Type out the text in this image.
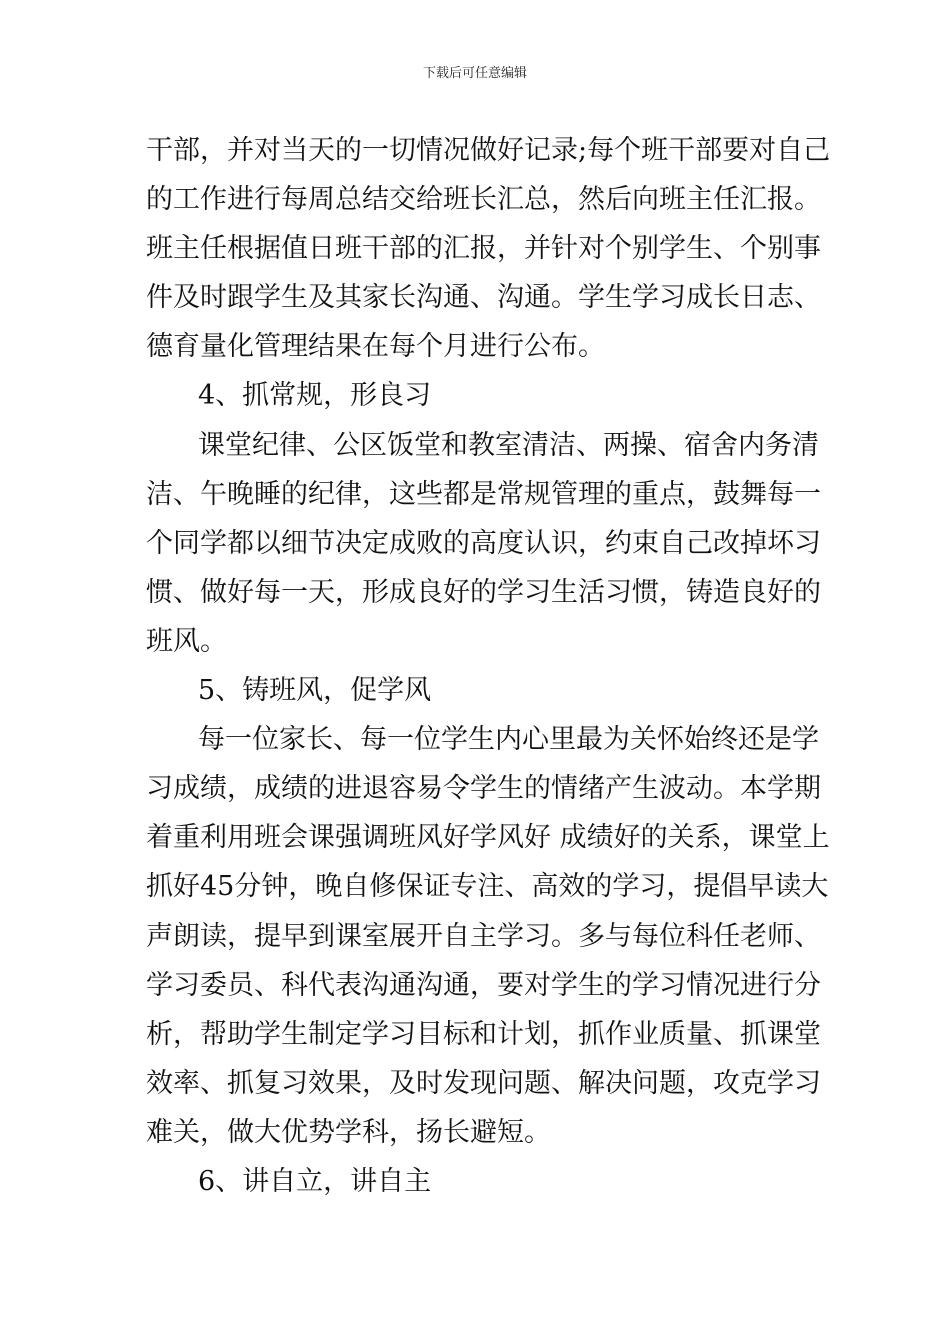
下载后可任意编辑
干部，并对当天的一切情况做好记录;每个班干部要对自己
的工作进行每周总结交给班长汇总，然后向班主任汇报。
班主任根据值日班干部的汇报，并针对个别学生、个别事
件及时跟学生及其家长沟通、沟通。学生学习成长日志、
德育量化管理结果在每个月进行公布。
4、抓常规，形良习
课堂纪律、公区饭堂和教室清洁、两操、宿舍内务清
洁、午晚睡的纪律，这些都是常规管理的重点，鼓舞每一
个同学都以细节决定成败的高度认识，约束自己改掉坏习
惯、做好每一天，形成良好的学习生活习惯，铸造良好的
班风。
5、铸班风，促学风
每一位家长、每一位学生内心里最为关怀始终还是学
习成绩，成绩的进退容易令学生的情绪产生波动。本学期
着重利用班会课强调班风好学风好 成绩好的关系，课堂上
抓好45分钟，晚自修保证专注、高效的学习，提倡早读大
声朗读，提早到课室展开自主学习。多与每位科任老师、
学习委员、科代表沟通沟通，要对学生的学习情况进行分
析，帮助学生制定学习目标和计划，抓作业质量、抓课堂
效率、抓复习效果，及时发现问题、解决问题，攻克学习
难关，做大优势学科，扬长避短。
6、讲自立，讲自主
